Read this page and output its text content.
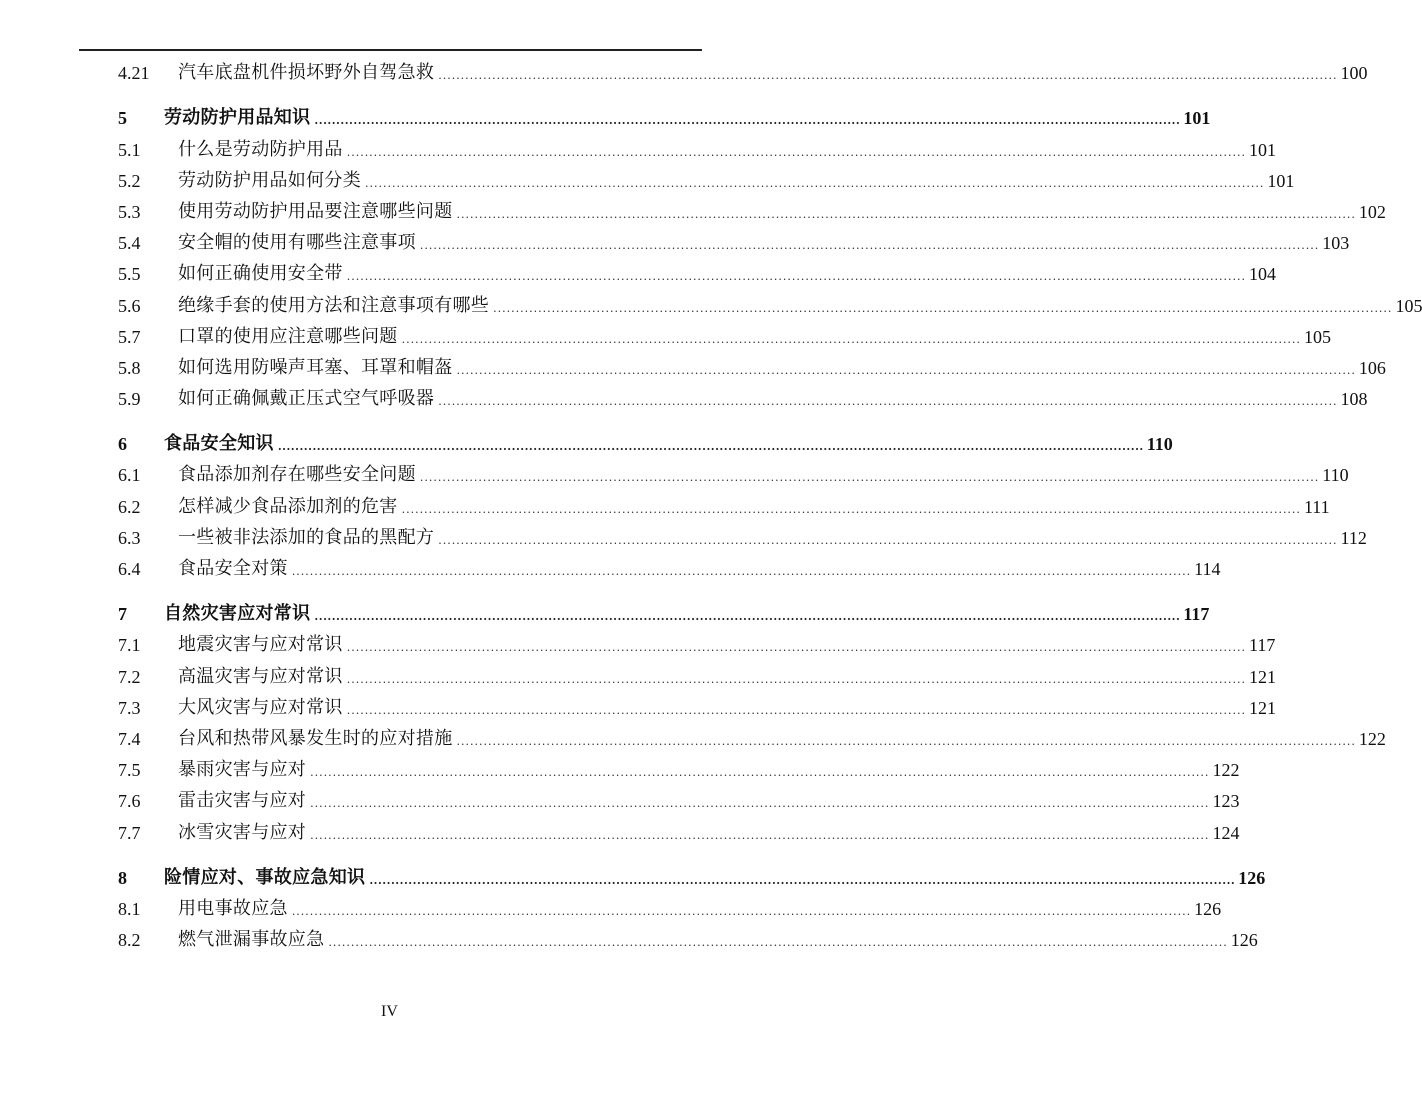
4.21	汽车底盘机件损坏野外自驾急救 ........................................................................................................................................................................................................ 100
5	劳动防护用品知识 ........................................................................................................................................................................................................ 101
5.1	什么是劳动防护用品 ........................................................................................................................................................................................................ 101
5.2	劳动防护用品如何分类 ........................................................................................................................................................................................................ 101
5.3	使用劳动防护用品要注意哪些问题 ........................................................................................................................................................................................................ 102
5.4	安全帽的使用有哪些注意事项 ........................................................................................................................................................................................................ 103
5.5	如何正确使用安全带 ........................................................................................................................................................................................................ 104
5.6	绝缘手套的使用方法和注意事项有哪些 ........................................................................................................................................................................................................ 105
5.7	口罩的使用应注意哪些问题 ........................................................................................................................................................................................................ 105
5.8	如何选用防噪声耳塞、耳罩和帽盔 ........................................................................................................................................................................................................ 106
5.9	如何正确佩戴正压式空气呼吸器 ........................................................................................................................................................................................................ 108
6	食品安全知识 ........................................................................................................................................................................................................ 110
6.1	食品添加剂存在哪些安全问题 ........................................................................................................................................................................................................ 110
6.2	怎样减少食品添加剂的危害 ........................................................................................................................................................................................................ 111
6.3	一些被非法添加的食品的黑配方 ........................................................................................................................................................................................................ 112
6.4	食品安全对策 ........................................................................................................................................................................................................ 114
7	自然灾害应对常识 ........................................................................................................................................................................................................ 117
7.1	地震灾害与应对常识 ........................................................................................................................................................................................................ 117
7.2	高温灾害与应对常识 ........................................................................................................................................................................................................ 121
7.3	大风灾害与应对常识 ........................................................................................................................................................................................................ 121
7.4	台风和热带风暴发生时的应对措施 ........................................................................................................................................................................................................ 122
7.5	暴雨灾害与应对 ........................................................................................................................................................................................................ 122
7.6	雷击灾害与应对 ........................................................................................................................................................................................................ 123
7.7	冰雪灾害与应对 ........................................................................................................................................................................................................ 124
8	险情应对、事故应急知识 ........................................................................................................................................................................................................ 126
8.1	用电事故应急 ........................................................................................................................................................................................................ 126
8.2	燃气泄漏事故应急 ........................................................................................................................................................................................................ 126
IV
